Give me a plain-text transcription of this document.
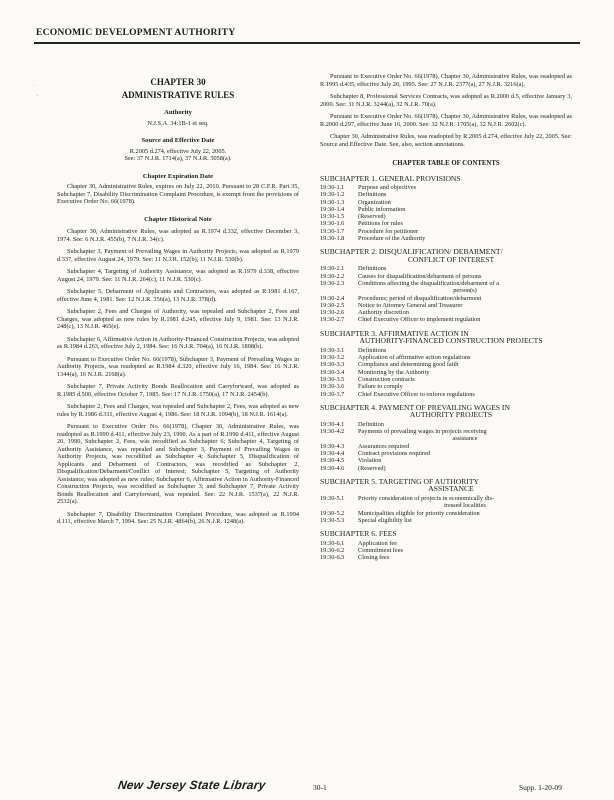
ECONOMIC DEVELOPMENT AUTHORITY
˙
·
CHAPTER 30
ADMINISTRATIVE RULES
Authority
N.J.S.A. 34:1B-1 et seq.
Source and Effective Date
R.2005 d.274, effective July 22, 2005.
See: 37 N.J.R. 1714(a), 37 N.J.R. 3058(a).
Chapter Expiration Date

Chapter 30, Administrative Rules, expires on July 22, 2010. Pursuant to 28 C.F.R. Part 35, Subchapter 7, Disability Discrimination Complaint Procedure, is exempt from the provisions of Executive Order No. 66(1978).

Chapter Historical Note

Chapter 30, Administrative Rules, was adopted as R.1974 d.332, effective December 3, 1974. See: 6 N.J.R. 455(b), 7 N.J.R. 34(c).

Subchapter 3, Payment of Prevailing Wages in Authority Projects, was adopted as R.1979 d.337, effective August 24, 1979. See: 11 N.J.R. 152(b), 11 N.J.R. 530(b).

Subchapter 4, Targeting of Authority Assistance, was adopted as R.1979 d.338, effective August 24, 1979. See: 11 N.J.R. 264(c), 11 N.J.R. 530(c).

Subchapter 5, Debarment of Applicants and Contractors, was adopted as R.1981 d.167, effective June 4, 1981. See: 12 N.J.R. 356(a), 13 N.J.R. 378(d).

Subchapter 2, Fees and Charges of Authority, was repealed and Subchapter 2, Fees and Charges, was adopted as new rules by R.1981 d.245, effective July 9, 1981. See: 13 N.J.R. 248(c), 13 N.J.R. 465(e).

Subchapter 6, Affirmative Action in Authority-Financed Construction Projects, was adopted as R.1984 d.263, effective July 2, 1984. See: 16 N.J.R. 704(a), 16 N.J.R. 1808(b).

Pursuant to Executive Order No. 66(1978), Subchapter 3, Payment of Prevailing Wages in Authority Projects, was readopted as R.1984 d.320, effective July 16, 1984. See: 16 N.J.R. 1344(a), 16 N.J.R. 2168(a).

Subchapter 7, Private Activity Bonds Reallocation and Carryforward, was adopted as R.1985 d.500, effective October 7, 1985. See: 17 N.J.R. 1750(a), 17 N.J.R. 2454(b).

Subchapter 2, Fees and Charges, was repealed and Subchapter 2, Fees, was adopted as new rules by R.1986 d.311, effective August 4, 1986. See: 18 N.J.R. 1094(b), 18 N.J.R. 1614(a).

Pursuant to Executive Order No. 66(1978), Chapter 30, Administrative Rules, was readopted as R.1990 d.411, effective July 23, 1990. As a part of R.1990 d.411, effective August 20, 1990, Subchapter 2, Fees, was recodified as Subchapter 6; Subchapter 4, Targeting of Authority Assistance, was repealed and Subchapter 3, Payment of Prevailing Wages in Authority Projects, was recodified as Subchapter 4; Subchapter 5, Disqualification of Applicants and Debarment of Contractors, was recodified as Subchapter 2, Disqualification/Debarment/Conflict of Interest; Subchapter 5, Targeting of Authority Assistance, was adopted as new rules; Subchapter 6, Affirmative Action in Authority-Financed Construction Projects, was recodified as Subchapter 3; and Subchapter 7, Private Activity Bonds Reallocation and Carryforward, was repealed. See: 22 N.J.R. 1537(a), 22 N.J.R. 2532(a).

Subchapter 7, Disability Discrimination Complaint Procedure, was adopted as R.1994 d.111, effective March 7, 1994. See: 25 N.J.R. 4864(b), 26 N.J.R. 1248(a).

Pursuant to Executive Order No. 66(1978), Chapter 30, Administrative Rules, was readopted as R.1995 d.435, effective July 20, 1995. See: 27 N.J.R. 2377(a), 27 N.J.R. 3216(a).

Subchapter 8, Professional Services Contracts, was adopted as R.2000 d.5, effective January 3, 2000. See: 31 N.J.R. 3244(a), 32 N.J.R. 70(a).

Pursuant to Executive Order No. 66(1978), Chapter 30, Administrative Rules, was readopted as R.2000 d.297, effective June 16, 2000. See: 32 N.J.R. 1705(a), 32 N.J.R. 2602(c).

Chapter 30, Administrative Rules, was readopted by R.2005 d.274, effective July 22, 2005. See: Source and Effective Date. See, also, section annotations.

CHAPTER TABLE OF CONTENTS
SUBCHAPTER 1. GENERAL PROVISIONS
19:30-1.1	Purpose and objectives
19:30-1.2	Definitions
19:30-1.3	Organization
19:30-1.4	Public information
19:30-1.5	(Reserved)
19:30-1.6	Petitions for rules
19:30-1.7	Procedure for petitioner
19:30-1.8	Procedure of the Authority
SUBCHAPTER 2. DISQUALIFICATION/ DEBARMENT/
CONFLICT OF INTEREST
19:30-2.1	Definitions
19:30-2.2	Causes for disqualification/debarment of persons
19:30-2.3	Conditions affecting the disqualification/debarment of a
person(s)
19:30-2.4	Procedures; period of disqualification/debarment
19:30-2.5	Notice to Attorney General and Treasurer
19:30-2.6	Authority discretion
19:30-2.7	Chief Executive Officer to implement regulation
SUBCHAPTER 3. AFFIRMATIVE ACTION IN
AUTHORITY-FINANCED CONSTRUCTION PROJECTS
19:30-3.1	Definitions
19:30-3.2	Application of affirmative action regulations
19:30-3.3	Compliance and determining good faith
19:30-3.4	Monitoring by the Authority
19:30-3.5	Construction contracts
19:30-3.6	Failure to comply
19:30-3.7	Chief Executive Officer to enforce regulations
SUBCHAPTER 4. PAYMENT OF PREVAILING WAGES IN
AUTHORITY PROJECTS
19:30-4.1	Definition
19:30-4.2	Payments of prevailing wages in projects receiving
assistance
19:30-4.3	Assurances required
19:30-4.4	Contract provisions required
19:30-4.5	Violation
19:30-4.6	(Reserved)
SUBCHAPTER 5. TARGETING OF AUTHORITY
ASSISTANCE
19:30-5.1	Priority consideration of projects in economically dis-
tressed localities
19:30-5.2	Municipalities eligible for priority consideration
19:30-5.3	Special eligibility list
SUBCHAPTER 6. FEES
19:30-6.1	Application fee
19:30-6.2	Commitment fees
19:30-6.3	Closing fees
New Jersey State Library	30-1	Supp. 1-20-09
